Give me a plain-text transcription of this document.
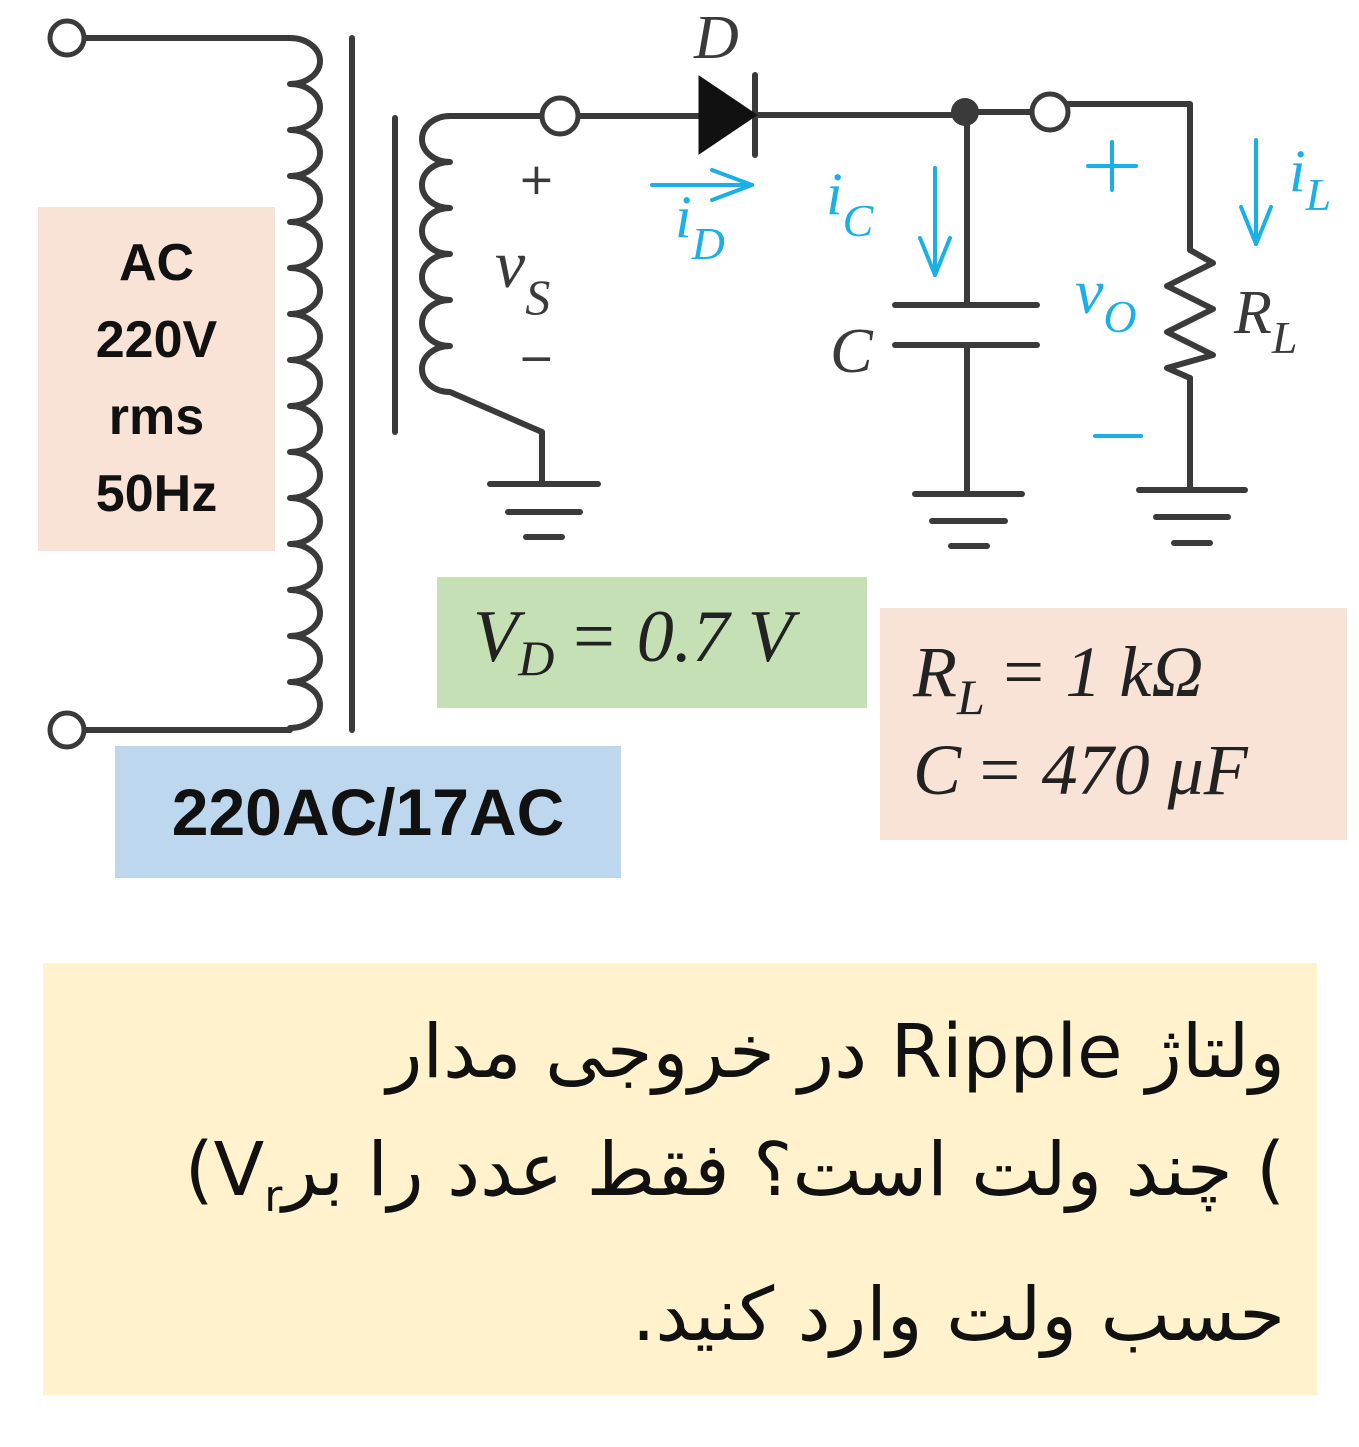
D
C
$v_S$	$R_L$
+
−
$i_D$
$i_C$
$i_L$
$v_O$
AC
220V
rms
50Hz
220AC/17AC
VD = 0.7 V $R_L = 1$ kΩ
C = 470 μF
ولتاژ Ripple در خروجی مدار
) چند ولت است؟ فقط عدد را $بر(V_r$
حسب ولت وارد کنید.
